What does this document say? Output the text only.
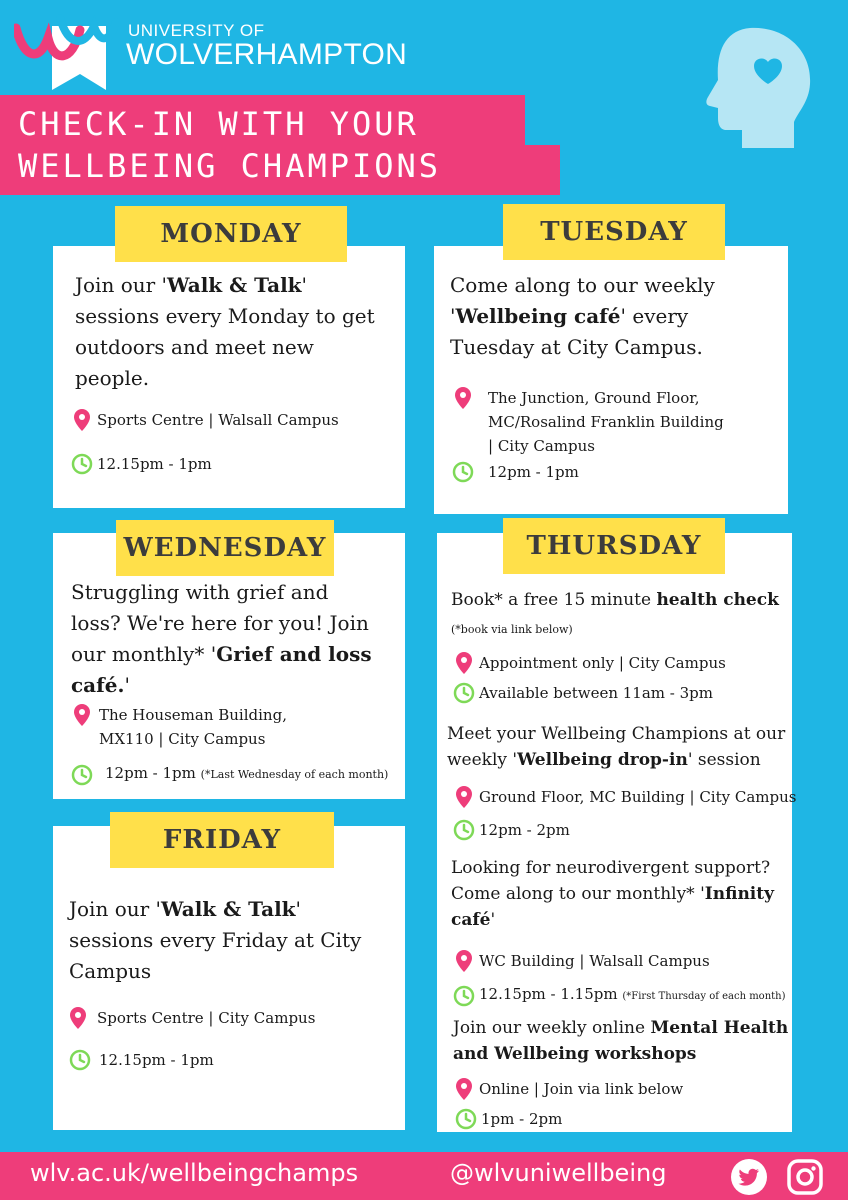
UNIVERSITY OF
WOLVERHAMPTON
CHECK-IN WITH YOUR
WELLBEING CHAMPIONS
Join our 'Walk & Talk' sessions every Monday to get outdoors and meet new people.
Sports Centre | Walsall Campus
12.15pm - 1pm
MONDAY
Come along to our weekly 'Wellbeing café' every Tuesday at City Campus.
The Junction, Ground Floor,
MC/Rosalind Franklin Building
| City Campus
12pm - 1pm
TUESDAY
Struggling with grief and loss? We're here for you! Join our monthly* 'Grief and loss café.'
The Houseman Building,
MX110 | City Campus
12pm - 1pm (*Last Wednesday of each month)
WEDNESDAY
Book* a free 15 minute health check (*book via link below)
Appointment only | City Campus
Available between 11am - 3pm
Meet your Wellbeing Champions at our weekly 'Wellbeing drop-in' session
Ground Floor, MC Building | City Campus
12pm - 2pm
Looking for neurodivergent support? Come along to our monthly* 'Infinity café'
WC Building | Walsall Campus
12.15pm - 1.15pm (*First Thursday of each month)
Join our weekly online Mental Health and Wellbeing workshops
Online | Join via link below
1pm - 2pm
THURSDAY
Join our 'Walk & Talk' sessions every Friday at City Campus
Sports Centre | City Campus
12.15pm - 1pm
FRIDAY
wlv.ac.uk/wellbeingchamps	@wlvuniwellbeing
